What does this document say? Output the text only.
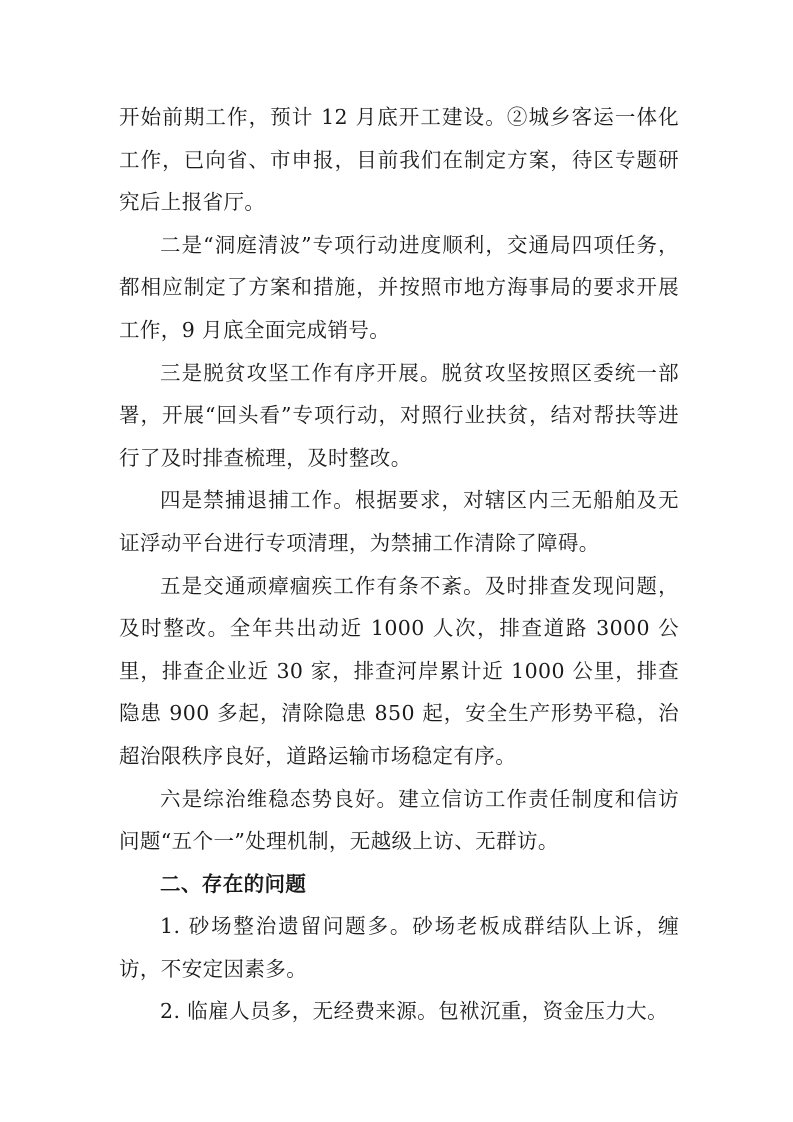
开始前期工作，预计 12 月底开工建设。②城乡客运一体化工作，已向省、市申报，目前我们在制定方案，待区专题研究后上报省厅。

二是“洞庭清波”专项行动进度顺利，交通局四项任务，都相应制定了方案和措施，并按照市地方海事局的要求开展工作，9 月底全面完成销号。

三是脱贫攻坚工作有序开展。脱贫攻坚按照区委统一部署，开展“回头看”专项行动，对照行业扶贫，结对帮扶等进行了及时排查梳理，及时整改。

四是禁捕退捕工作。根据要求，对辖区内三无船舶及无证浮动平台进行专项清理，为禁捕工作清除了障碍。

五是交通顽瘴痼疾工作有条不紊。及时排查发现问题，及时整改。全年共出动近 1000 人次，排查道路 3000 公里，排查企业近 30 家，排查河岸累计近 1000 公里，排查隐患 900 多起，清除隐患 850 起，安全生产形势平稳，治超治限秩序良好，道路运输市场稳定有序。

六是综治维稳态势良好。建立信访工作责任制度和信访问题“五个一”处理机制，无越级上访、无群访。

二、存在的问题

1. 砂场整治遗留问题多。砂场老板成群结队上诉，缠访，不安定因素多。

2. 临雇人员多，无经费来源。包袱沉重，资金压力大。
